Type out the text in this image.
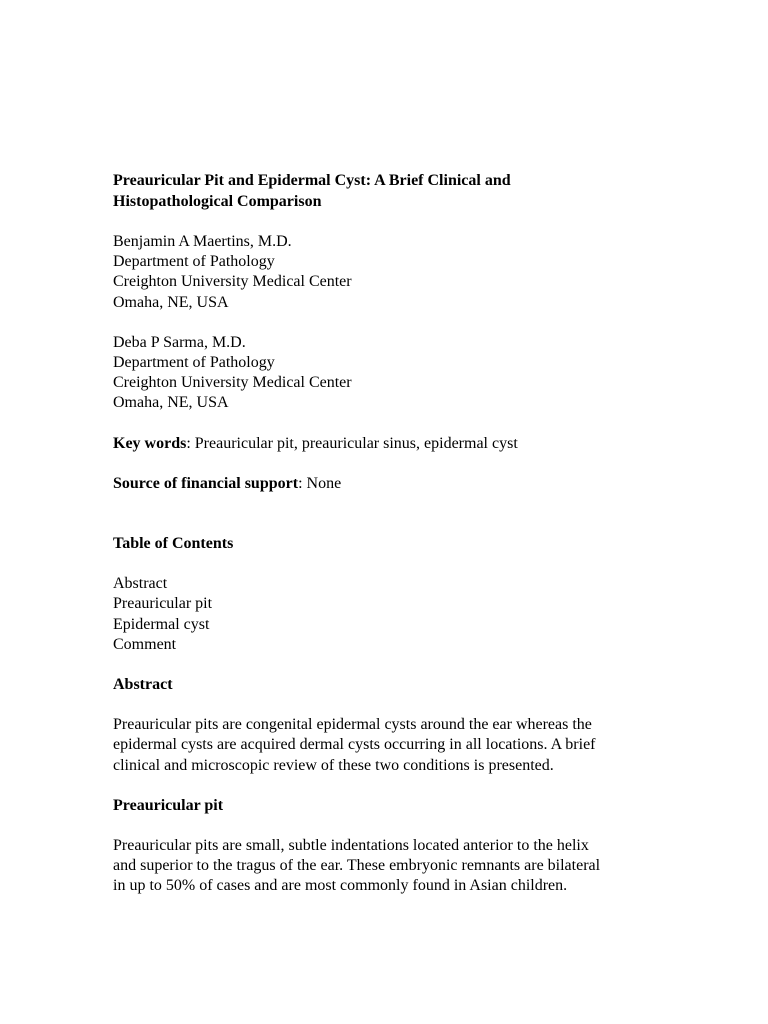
Preauricular Pit and Epidermal Cyst: A Brief Clinical and
Histopathological Comparison
Benjamin A Maertins, M.D.
Department of Pathology
Creighton University Medical Center
Omaha, NE, USA
Deba P Sarma, M.D.
Department of Pathology
Creighton University Medical Center
Omaha, NE, USA
Key words: Preauricular pit, preauricular sinus, epidermal cyst
Source of financial support: None
Table of Contents
Abstract
Preauricular pit
Epidermal cyst
Comment
Abstract
Preauricular pits are congenital epidermal cysts around the ear whereas the
epidermal cysts are acquired dermal cysts occurring in all locations. A brief
clinical and microscopic review of these two conditions is presented.
Preauricular pit
Preauricular pits are small, subtle indentations located anterior to the helix
and superior to the tragus of the ear. These embryonic remnants are bilateral
in up to 50% of cases and are most commonly found in Asian children.
